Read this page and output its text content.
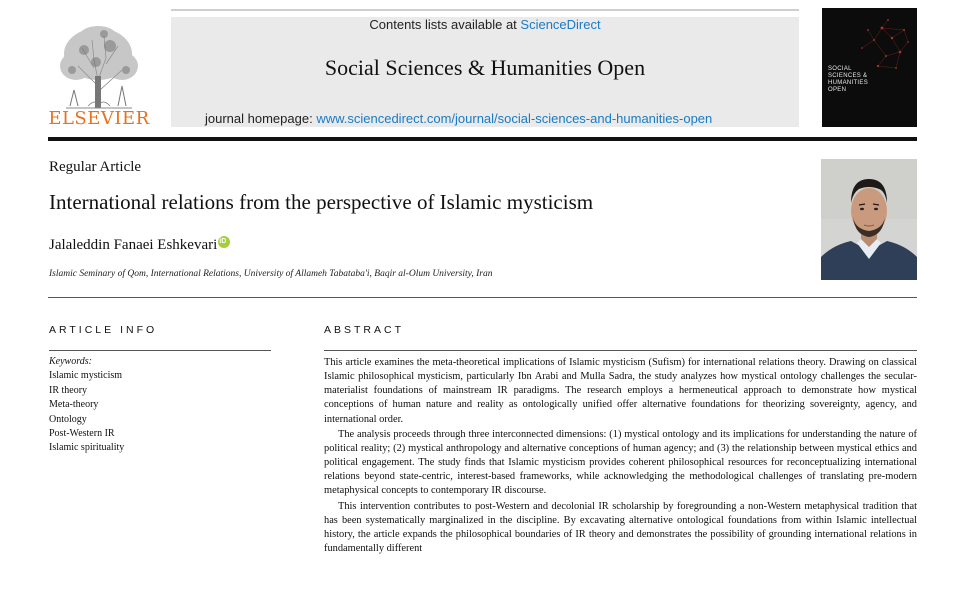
ELSEVIER
Contents lists available at ScienceDirect
Social Sciences & Humanities Open
journal homepage: www.sciencedirect.com/journal/social-sciences-and-humanities-open
SOCIAL
SCIENCES &
HUMANITIES
OPEN
Regular Article
International relations from the perspective of Islamic mysticism
Jalaleddin Fanaei EshkevariiD
Islamic Seminary of Qom, International Relations, University of Allameh Tabataba'i, Baqir al-Olum University, Iran
ARTICLE INFO	ABSTRACT
Keywords:
Islamic mysticism
IR theory
Meta-theory
Ontology
Post-Western IR
Islamic spirituality

This article examines the meta-theoretical implications of Islamic mysticism (Sufism) for international relations theory. Drawing on classical Islamic philosophical mysticism, particularly Ibn Arabi and Mulla Sadra, the study analyzes how mystical ontology challenges the secular-materialist foundations of mainstream IR paradigms. The research employs a hermeneutical approach to demonstrate how mystical conceptions of human nature and reality as ontologically unified offer alternative foundations for theorizing sovereignty, agency, and international order.

The analysis proceeds through three interconnected dimensions: (1) mystical ontology and its implications for understanding the nature of political reality; (2) mystical anthropology and alternative conceptions of human agency; and (3) the relationship between mystical ethics and political engagement. The study finds that Islamic mysticism provides coherent philosophical resources for reconceptualizing international relations beyond state-centric, interest-based frameworks, while acknowledging the methodological challenges of translating pre-modern metaphysical concepts to contemporary IR discourse.

This intervention contributes to post-Western and decolonial IR scholarship by foregrounding a non-Western metaphysical tradition that has been systematically marginalized in the discipline. By excavating alternative ontological foundations from within Islamic intellectual history, the article expands the philosophical boundaries of IR theory and demonstrates the possibility of grounding international relations in fundamentally different
